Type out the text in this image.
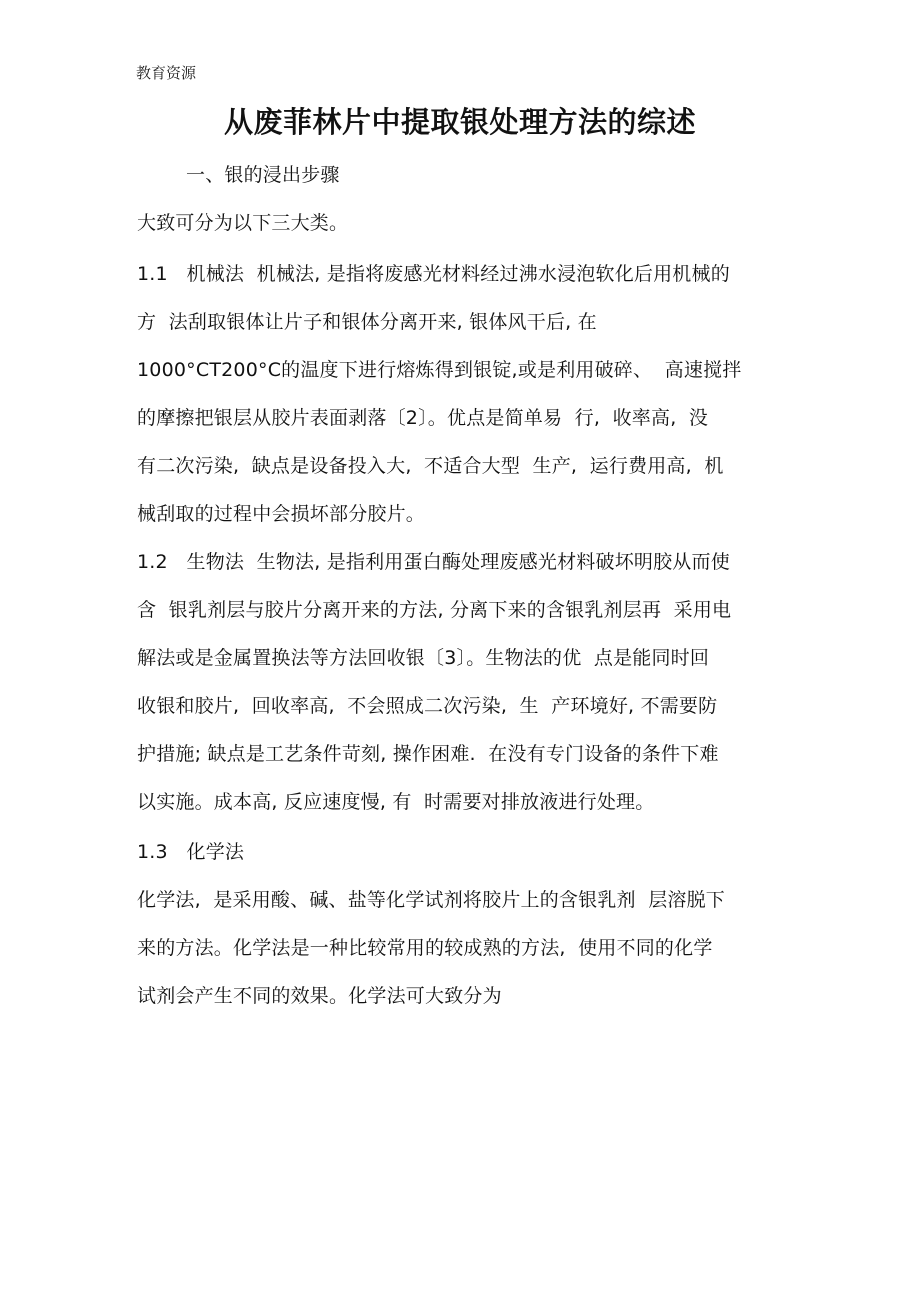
教育资源
从废菲林片中提取银处理方法的综述
一、银的浸出步骤
大致可分为以下三大类。
1.1   机械法  机械法, 是指将废感光材料经过沸水浸泡软化后用机械的
方  法刮取银体让片子和银体分离开来, 银体风干后, 在
1000°CT200°C的温度下进行熔炼得到银锭,或是利用破碎、  高速搅拌
的摩擦把银层从胶片表面剥落〔2〕。优点是简单易  行,  收率高,  没
有二次污染,  缺点是设备投入大,  不适合大型  生产,  运行费用高,  机
械刮取的过程中会损坏部分胶片。
1.2   生物法  生物法, 是指利用蛋白酶处理废感光材料破坏明胶从而使
含  银乳剂层与胶片分离开来的方法, 分离下来的含银乳剂层再  采用电
解法或是金属置换法等方法回收银〔3〕。生物法的优  点是能同时回
收银和胶片,  回收率高,  不会照成二次污染,  生  产环境好, 不需要防
护措施; 缺点是工艺条件苛刻, 操作困难.  在没有专门设备的条件下难
以实施。成本高, 反应速度慢, 有  时需要对排放液进行处理。
1.3   化学法
化学法,  是采用酸、碱、盐等化学试剂将胶片上的含银乳剂  层溶脱下
来的方法。化学法是一种比较常用的较成熟的方法,  使用不同的化学
试剂会产生不同的效果。化学法可大致分为
